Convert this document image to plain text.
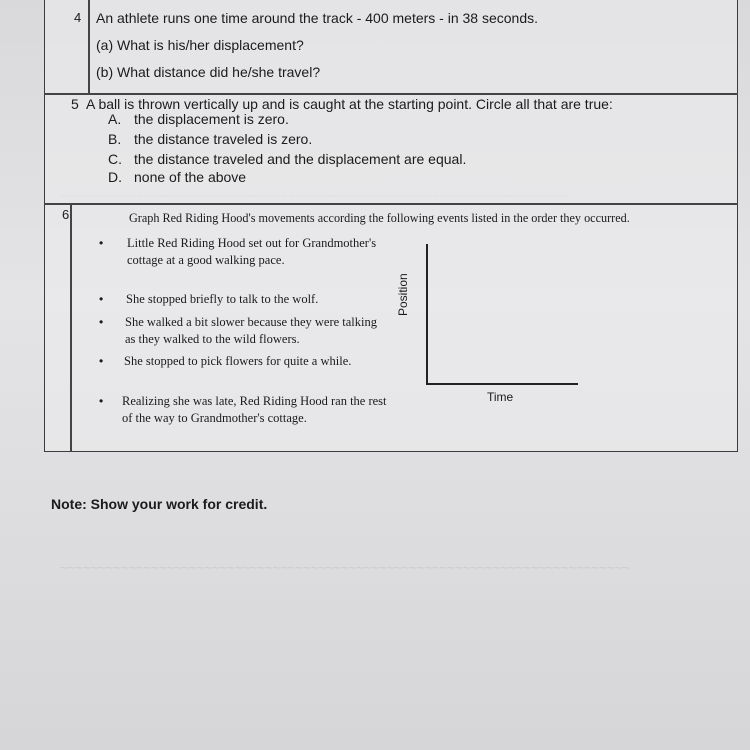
~~~~~~~~~~~~~~~~~~~~~~~~~~~~~~~~~~~~~~~~~~~~~~~~~~~~~~~~~~~~~~~~~~~~~~~~~~~
4 An athlete runs one time around the track - 400 meters - in 38 seconds.
(a) What is his/her displacement?
(b) What distance did he/she travel?
5 A ball is thrown vertically up and is caught at the starting point. Circle all that are true:
A. the displacement is zero.
B. the distance traveled is zero.
C. the distance traveled and the displacement are equal.
D. none of the above
6	Graph Red Riding Hood's movements according the following events listed in the order they occurred.
• Little Red Riding Hood set out for Grandmother's cottage at a good walking pace.
• She stopped briefly to talk to the wolf.
• She walked a bit slower because they were talking as they walked to the wild flowers.
• She stopped to pick flowers for quite a while.
• Realizing she was late, Red Riding Hood ran the rest of the way to Grandmother's cottage.
Position
Time
Note: Show your work for credit.
